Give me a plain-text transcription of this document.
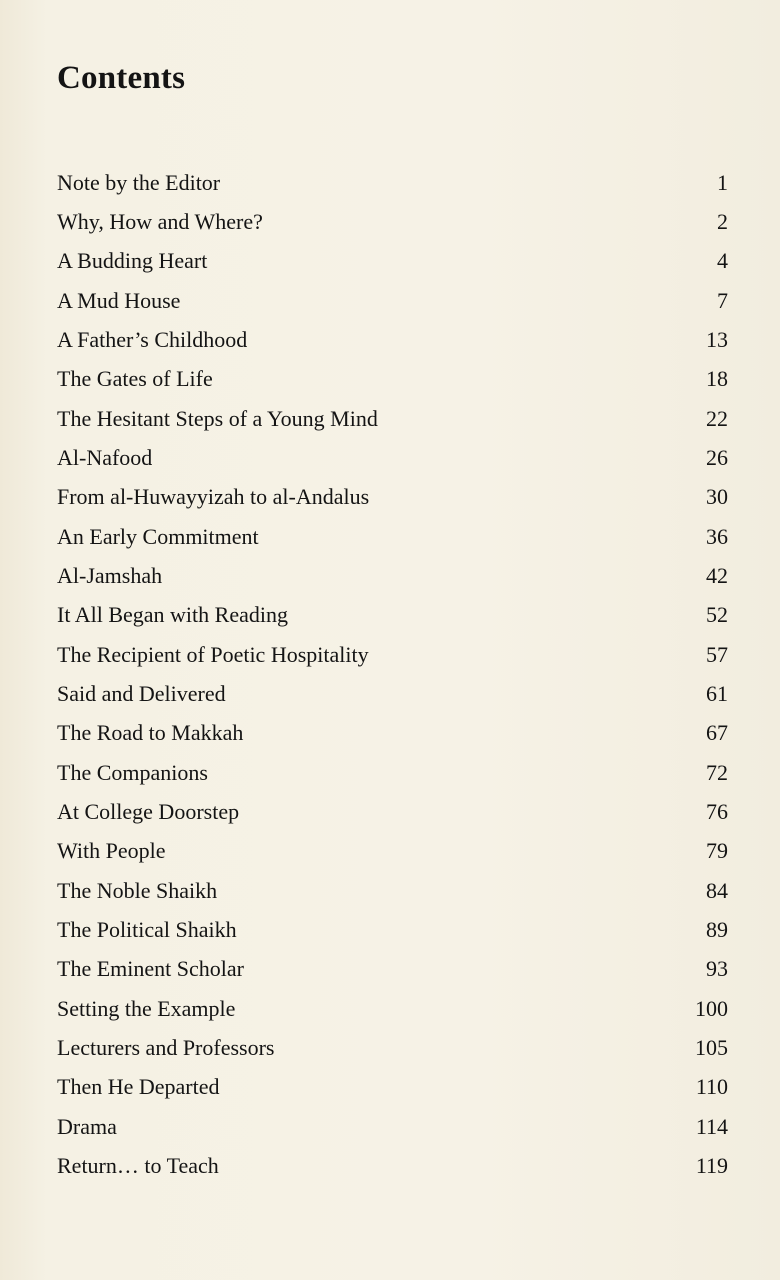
Contents
Note by the Editor	1
Why, How and Where?	2
A Budding Heart	4
A Mud House	7
A Father’s Childhood	13
The Gates of Life	18
The Hesitant Steps of a Young Mind	22
Al-Nafood	26
From al-Huwayyizah to al-Andalus	30
An Early Commitment	36
Al-Jamshah	42
It All Began with Reading	52
The Recipient of Poetic Hospitality	57
Said and Delivered	61
The Road to Makkah	67
The Companions	72
At College Doorstep	76
With People	79
The Noble Shaikh	84
The Political Shaikh	89
The Eminent Scholar	93
Setting the Example	100
Lecturers and Professors	105
Then He Departed	110
Drama	114
Return… to Teach	119
